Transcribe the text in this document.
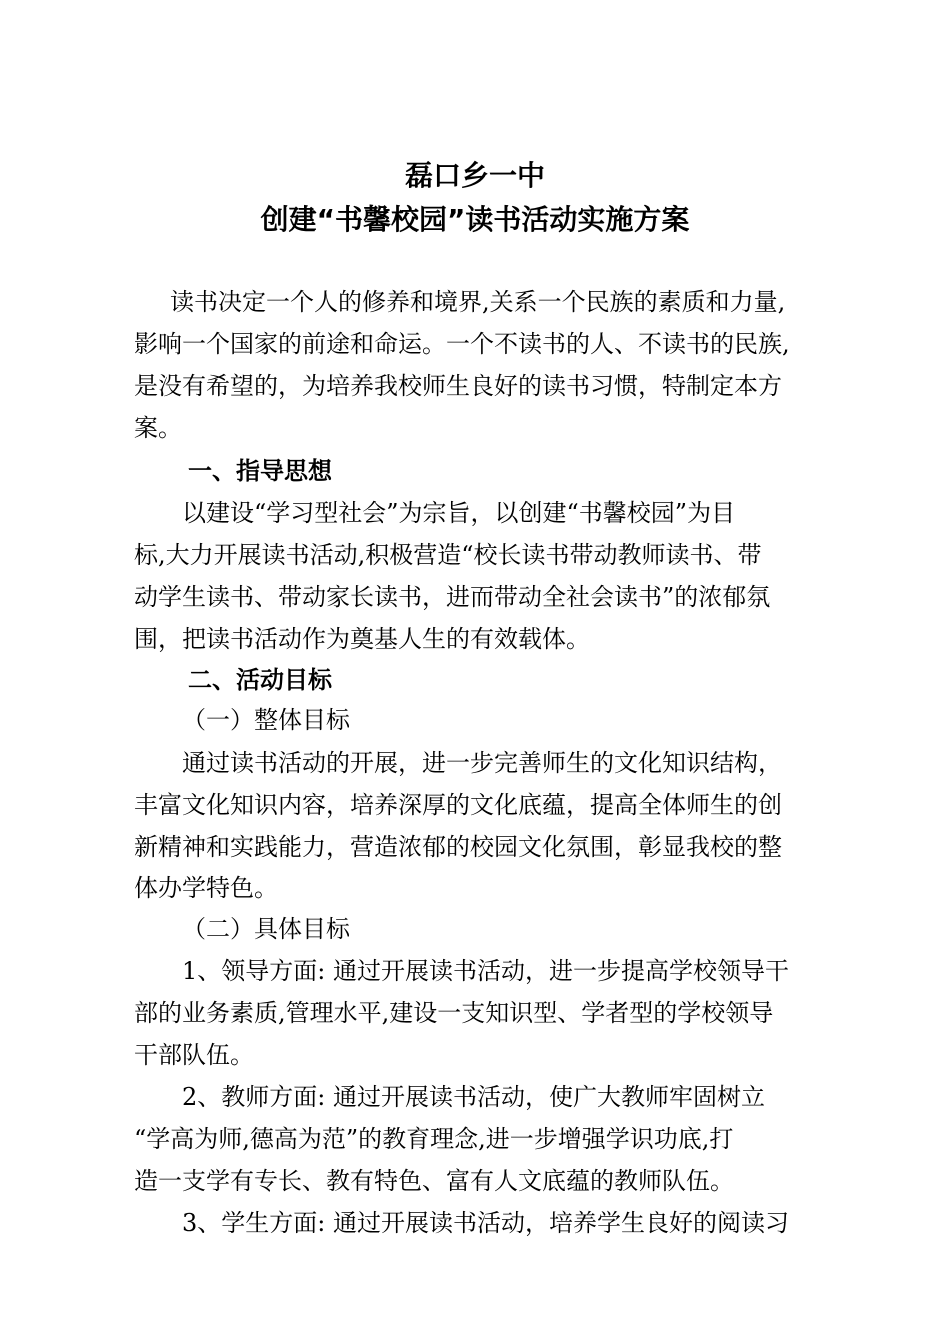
磊口乡一中
创建“书馨校园”读书活动实施方案
读书决定一个人的修养和境界,关系一个民族的素质和力量,
影响一个国家的前途和命运。一个不读书的人、不读书的民族,
是没有希望的，为培养我校师生良好的读书习惯，特制定本方
案。
一、指导思想
以建设“学习型社会”为宗旨，以创建“书馨校园”为目
标,大力开展读书活动,积极营造“校长读书带动教师读书、带
动学生读书、带动家长读书，进而带动全社会读书”的浓郁氛
围，把读书活动作为奠基人生的有效载体。
二、活动目标
（一）整体目标
通过读书活动的开展，进一步完善师生的文化知识结构，
丰富文化知识内容，培养深厚的文化底蕴，提高全体师生的创
新精神和实践能力，营造浓郁的校园文化氛围，彰显我校的整
体办学特色。
（二）具体目标
1、领导方面: 通过开展读书活动，进一步提高学校领导干
部的业务素质,管理水平,建设一支知识型、学者型的学校领导
干部队伍。
2、教师方面: 通过开展读书活动，使广大教师牢固树立
“学高为师,德高为范”的教育理念,进一步增强学识功底,打
造一支学有专长、教有特色、富有人文底蕴的教师队伍。
3、学生方面: 通过开展读书活动，培养学生良好的阅读习
